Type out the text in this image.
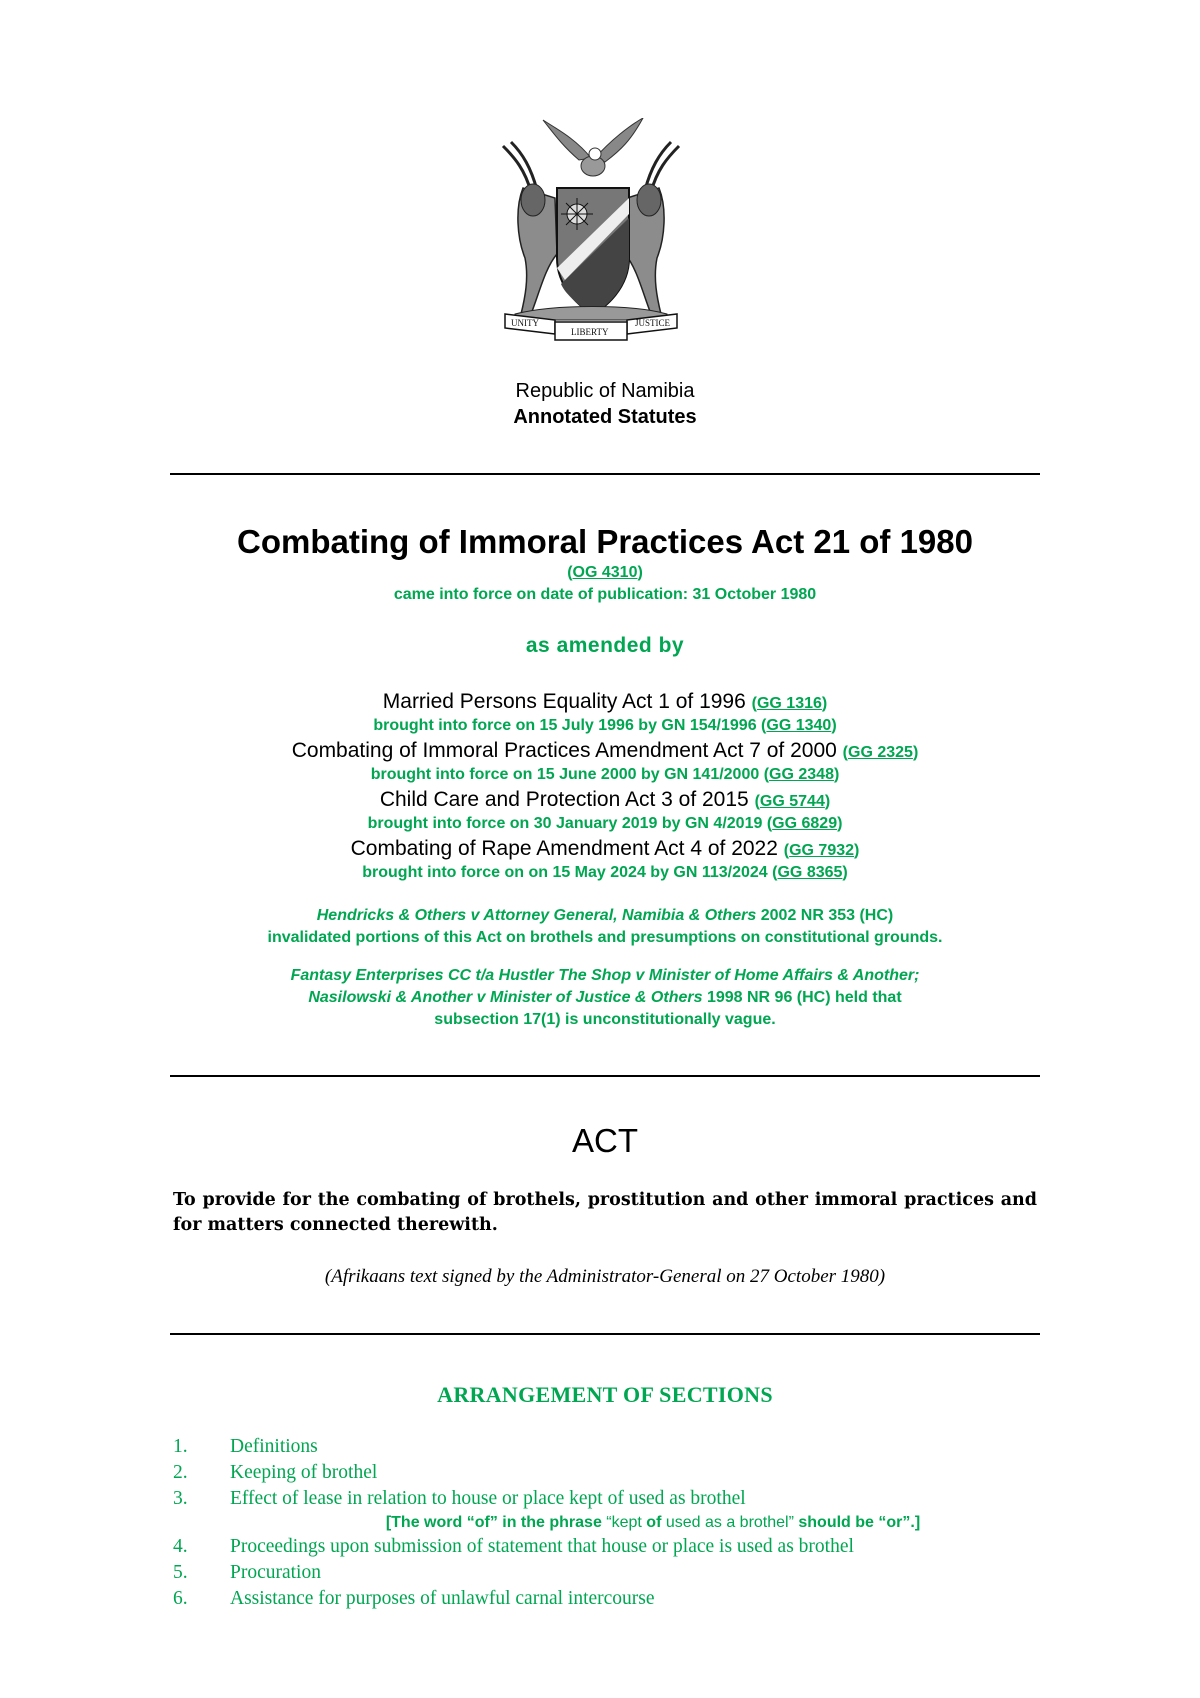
UNITY
LIBERTY
JUSTICE
Republic of Namibia
Annotated Statutes
Combating of Immoral Practices Act 21 of 1980
(OG 4310)
came into force on date of publication: 31 October 1980
as amended by
Married Persons Equality Act 1 of 1996 (GG 1316)
brought into force on 15 July 1996 by GN 154/1996 (GG 1340)
Combating of Immoral Practices Amendment Act 7 of 2000 (GG 2325)
brought into force on 15 June 2000 by GN 141/2000 (GG 2348)
Child Care and Protection Act 3 of 2015 (GG 5744)
brought into force on 30 January 2019 by GN 4/2019 (GG 6829)
Combating of Rape Amendment Act 4 of 2022 (GG 7932)
brought into force on on 15 May 2024 by GN 113/2024 (GG 8365)
Hendricks & Others v Attorney General, Namibia & Others 2002 NR 353 (HC)
invalidated portions of this Act on brothels and presumptions on constitutional grounds.
Fantasy Enterprises CC t/a Hustler The Shop v Minister of Home Affairs & Another;
Nasilowski & Another v Minister of Justice & Others 1998 NR 96 (HC) held that
subsection 17(1) is unconstitutionally vague.
ACT
To provide for the combating of brothels, prostitution and other immoral practices and for matters connected therewith.
(Afrikaans text signed by the Administrator-General on 27 October 1980)
ARRANGEMENT OF SECTIONS
1. Definitions
2. Keeping of brothel
3. Effect of lease in relation to house or place kept of used as brothel
[The word “of” in the phrase “kept of used as a brothel” should be “or”.]
4. Proceedings upon submission of statement that house or place is used as brothel
5. Procuration
6. Assistance for purposes of unlawful carnal intercourse
